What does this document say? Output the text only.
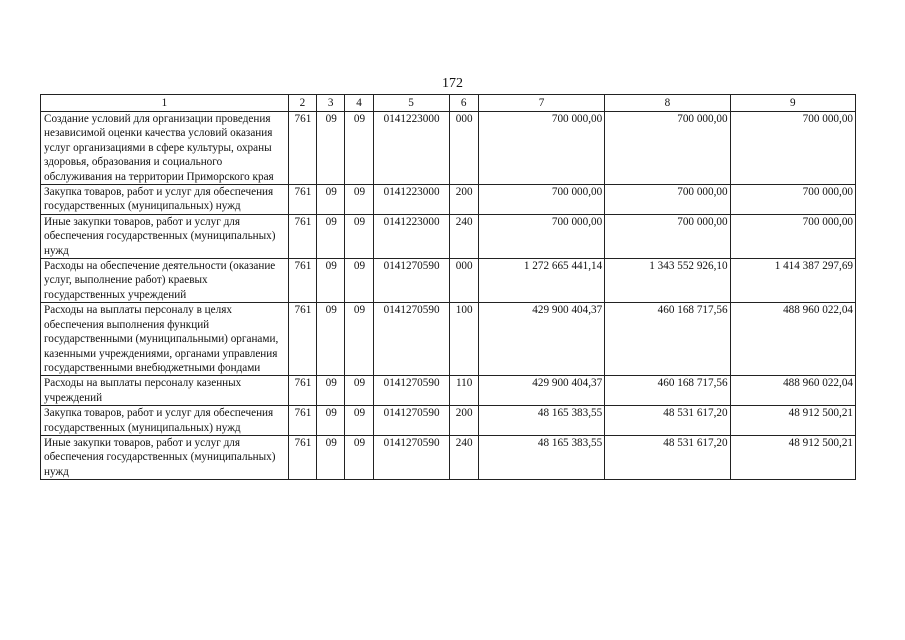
172
1	2	3	4	5	6	7	8	9
Создание условий для организации проведения независимой оценки качества условий оказания услуг организациями в сфере культуры, охраны здоровья, образования и социального обслуживания на территории Приморского края	761	09	09	0141223000	000	700 000,00	700 000,00	700 000,00
Закупка товаров, работ и услуг для обеспечения государственных (муниципальных) нужд	761	09	09	0141223000	200	700 000,00	700 000,00	700 000,00
Иные закупки товаров, работ и услуг для обеспечения государственных (муниципальных) нужд	761	09	09	0141223000	240	700 000,00	700 000,00	700 000,00
Расходы на обеспечение деятельности (оказание услуг, выполнение работ) краевых государственных учреждений	761	09	09	0141270590	000	1 272 665 441,14	1 343 552 926,10	1 414 387 297,69
Расходы на выплаты персоналу в целях обеспечения выполнения функций государственными (муниципальными) органами, казенными учреждениями, органами управления государственными внебюджетными фондами	761	09	09	0141270590	100	429 900 404,37	460 168 717,56	488 960 022,04
Расходы на выплаты персоналу казенных учреждений	761	09	09	0141270590	110	429 900 404,37	460 168 717,56	488 960 022,04
Закупка товаров, работ и услуг для обеспечения государственных (муниципальных) нужд	761	09	09	0141270590	200	48 165 383,55	48 531 617,20	48 912 500,21
Иные закупки товаров, работ и услуг для обеспечения государственных (муниципальных) нужд	761	09	09	0141270590	240	48 165 383,55	48 531 617,20	48 912 500,21
